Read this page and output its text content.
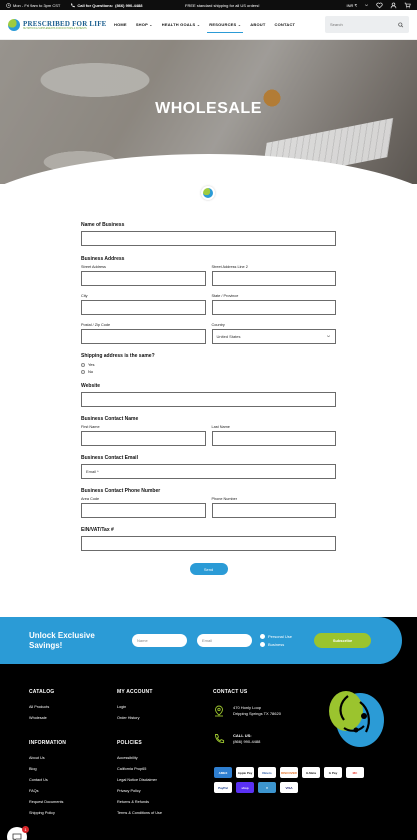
Mon - Fri 9am to 3pm CST	Call for Questions: (866) 990-4488	FREE standard shipping for all US orders!	INR ₹
PRESCRIBED FOR LIFE
NUTRITION & SUPPLEMENTS FOR DOCTORS & PATIENTS
HOME SHOP ⌄ HEALTH GOALS ⌄ RESOURCES ⌄ ABOUT CONTACT
Search
WHOLESALE
Name of Business
Business Address
Street Address	Street Address Line 2
City	State / Province
Postal / Zip Code	Country
United States
Shipping address is the same?
Yes
No
Website
Business Contact Name
First Name	Last Name
Business Contact Email
Email *
Business Contact Phone Number
Area Code	Phone Number
EIN/VAT/Tax #
Send
Unlock Exclusive Savings!	Name	Email
Personal Use
Business
Subscribe
CATALOG
All Products
Wholesale
MY ACCOUNT
Login
Order History
CONTACT US
470 Honly Loop
Dripping Springs TX 78620
CALL US:
(866) 990-4488
INFORMATION
About Us
Blog
Contact Us
FAQs
Request Documents
Shipping Policy
POLICIES
Accessibility
California Prop65
Legal Notice Disclaimer
Privacy Policy
Returns & Refunds
Terms & Conditions of Use
AMEX	Apple Pay	Diners	DISCOVER	G.Meta	G Pay	MC
PayPal	shop	V	VISA
1
